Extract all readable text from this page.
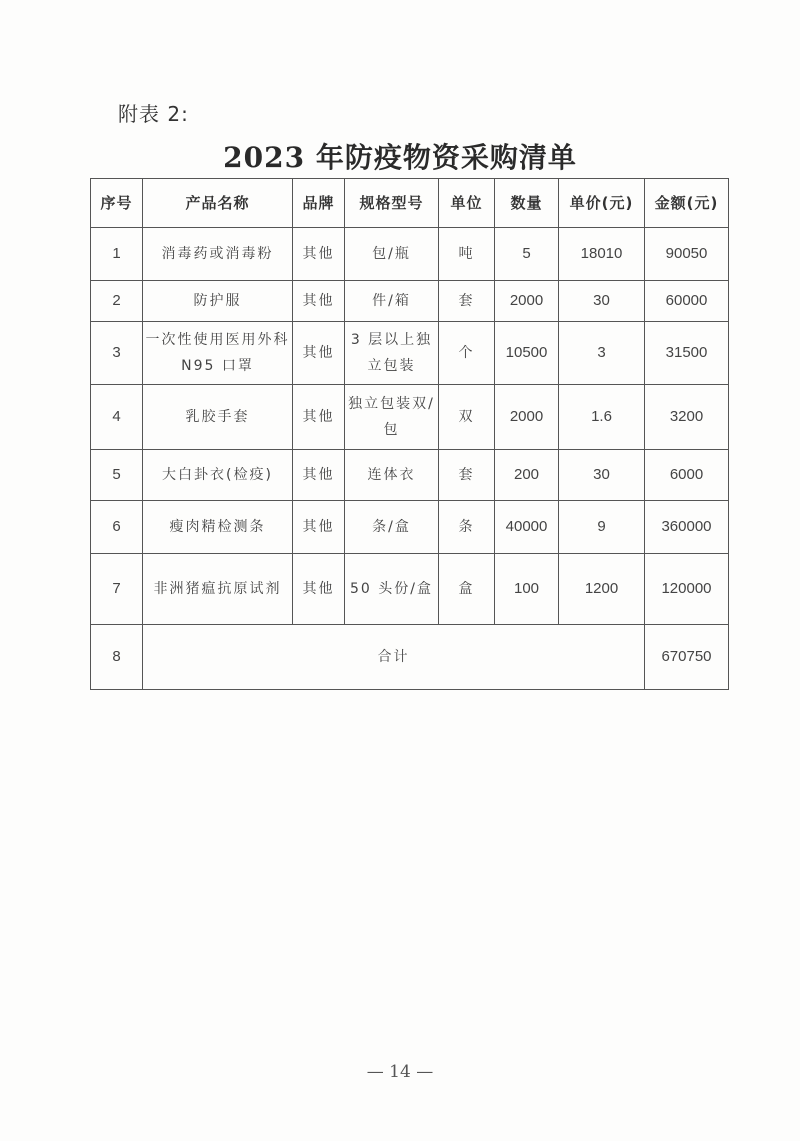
附表 2:
2023 年防疫物资采购清单
序号	产品名称	品牌	规格型号	单位	数量	单价(元)	金额(元)
1	消毒药或消毒粉	其他	包/瓶	吨	5	18010	90050
2	防护服	其他	件/箱	套	2000	30	60000
3	一次性使用医用外科 N95 口罩	其他	3 层以上独立包装	个	10500	3	31500
4	乳胶手套	其他	独立包装双/包	双	2000	1.6	3200
5	大白卦衣(检疫)	其他	连体衣	套	200	30	6000
6	瘦肉精检测条	其他	条/盒	条	40000	9	360000
7	非洲猪瘟抗原试剂	其他	50 头份/盒	盒	100	1200	120000
8	合计						670750
— 14 —
